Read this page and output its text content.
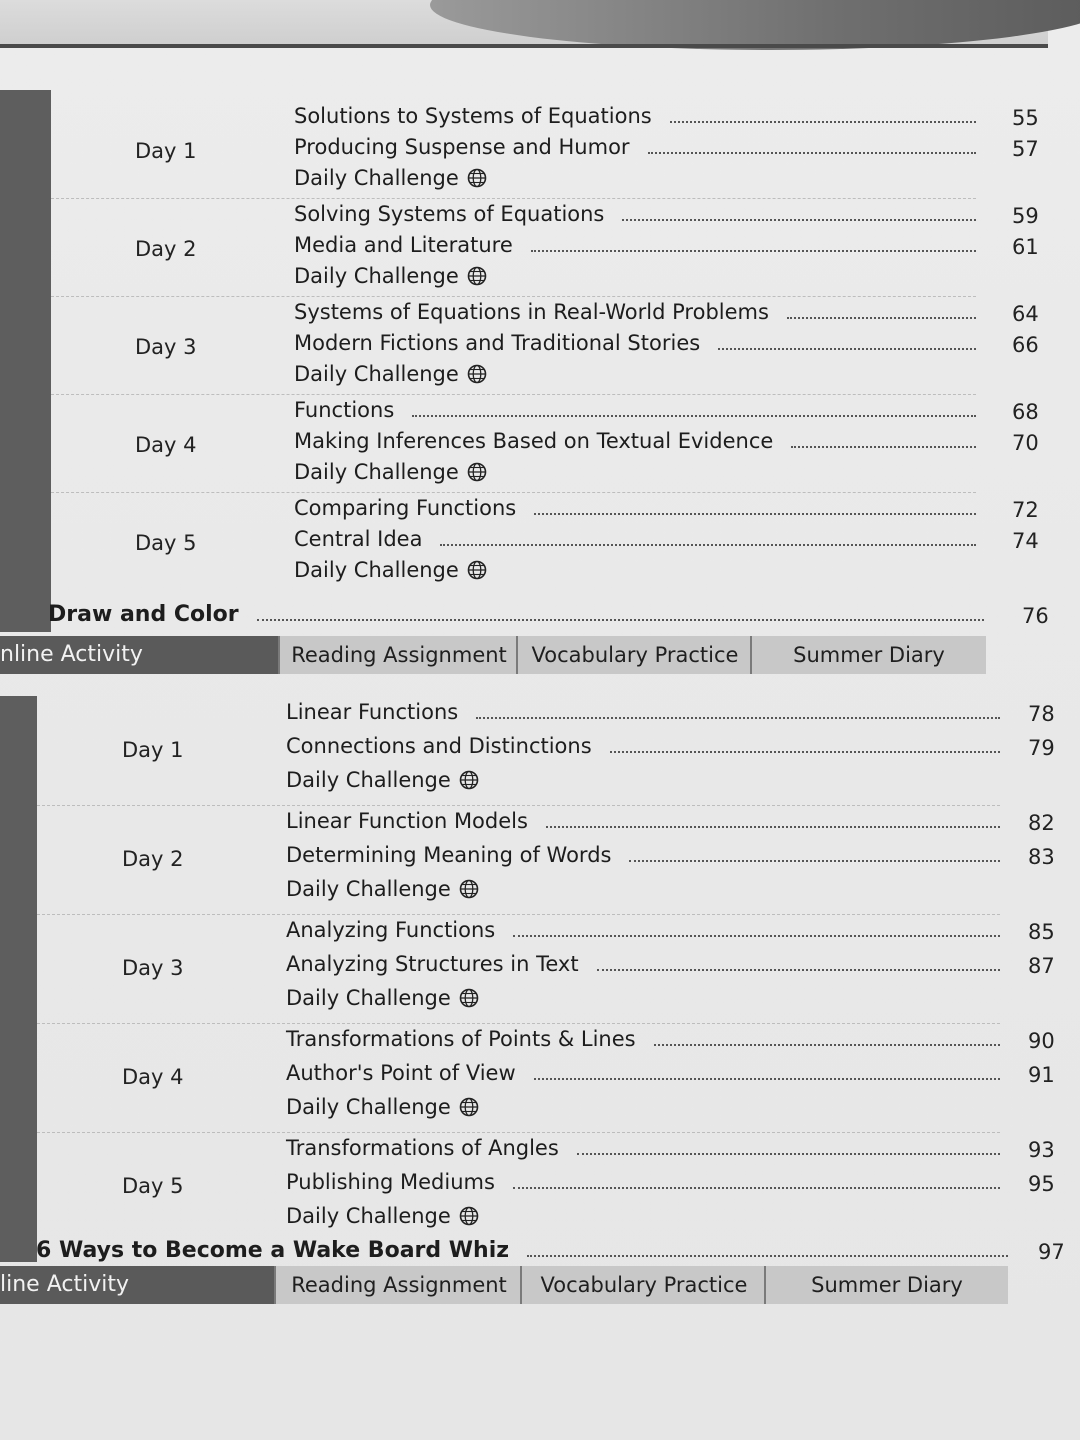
Day 1
Solutions to Systems of Equations	55
Producing Suspense and Humor	57
Daily Challenge
Day 2
Solving Systems of Equations	59
Media and Literature	61
Daily Challenge
Day 3
Systems of Equations in Real-World Problems	64
Modern Fictions and Traditional Stories	66
Daily Challenge
Day 4
Functions	68
Making Inferences Based on Textual Evidence	70
Daily Challenge
Day 5
Comparing Functions	72
Central Idea	74
Daily Challenge
Draw and Color	76
nline Activity	Reading Assignment	Vocabulary Practice	Summer Diary
Day 1
Linear Functions	78
Connections and Distinctions	79
Daily Challenge
Day 2
Linear Function Models	82
Determining Meaning of Words	83
Daily Challenge
Day 3
Analyzing Functions	85
Analyzing Structures in Text	87
Daily Challenge
Day 4
Transformations of Points & Lines	90
Author's Point of View	91
Daily Challenge
Day 5
Transformations of Angles	93
Publishing Mediums	95
Daily Challenge
6 Ways to Become a Wake Board Whiz	97
line Activity	Reading Assignment	Vocabulary Practice	Summer Diary
